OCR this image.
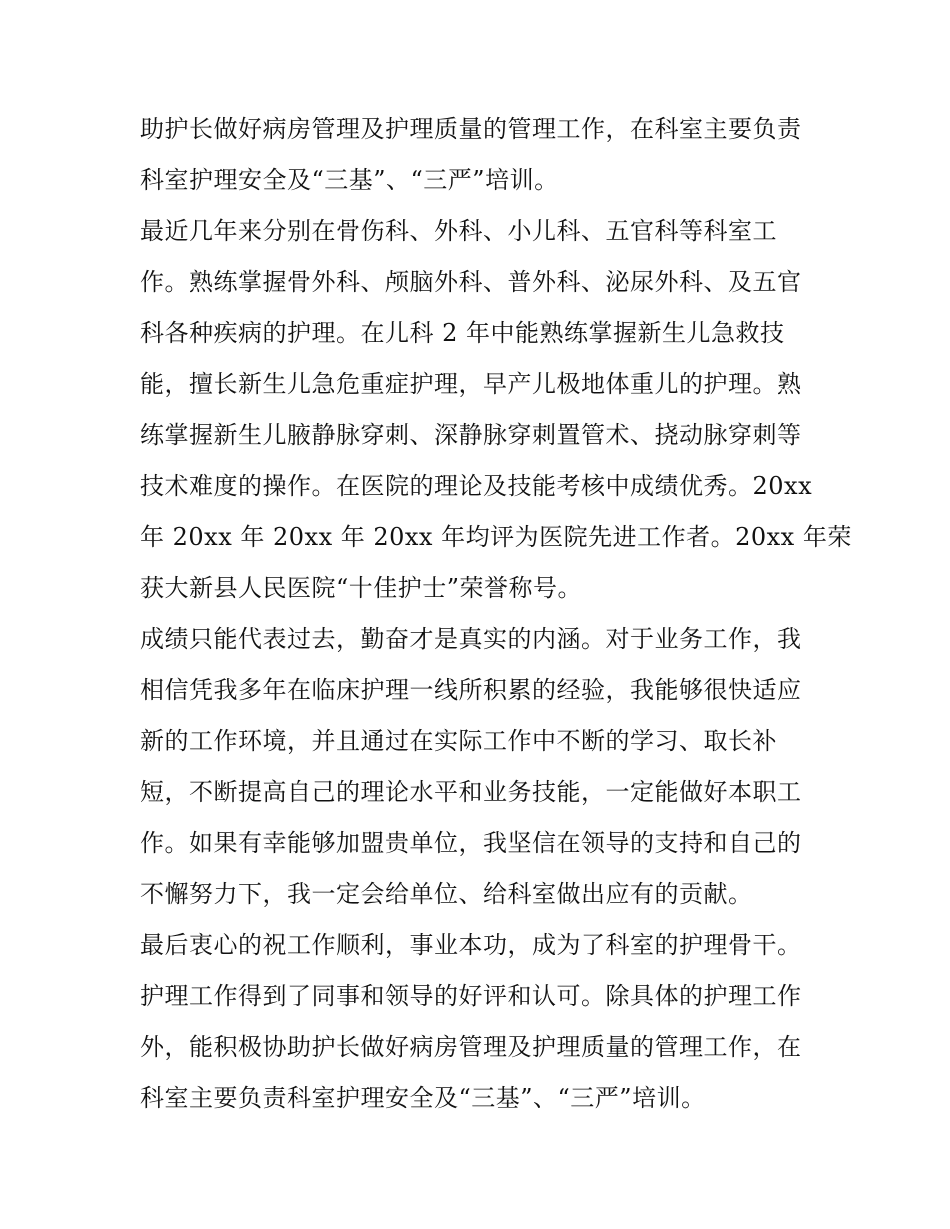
助护长做好病房管理及护理质量的管理工作，在科室主要负责
科室护理安全及“三基”、“三严”培训。
最近几年来分别在骨伤科、外科、小儿科、五官科等科室工
作。熟练掌握骨外科、颅脑外科、普外科、泌尿外科、及五官
科各种疾病的护理。在儿科 2 年中能熟练掌握新生儿急救技
能，擅长新生儿急危重症护理，早产儿极地体重儿的护理。熟
练掌握新生儿腋静脉穿刺、深静脉穿刺置管术、挠动脉穿刺等
技术难度的操作。在医院的理论及技能考核中成绩优秀。20xx
年 20xx 年 20xx 年 20xx 年均评为医院先进工作者。20xx 年荣
获大新县人民医院“十佳护士”荣誉称号。
成绩只能代表过去，勤奋才是真实的内涵。对于业务工作，我
相信凭我多年在临床护理一线所积累的经验，我能够很快适应
新的工作环境，并且通过在实际工作中不断的学习、取长补
短，不断提高自己的理论水平和业务技能，一定能做好本职工
作。如果有幸能够加盟贵单位，我坚信在领导的支持和自己的
不懈努力下，我一定会给单位、给科室做出应有的贡献。
最后衷心的祝工作顺利，事业本功，成为了科室的护理骨干。
护理工作得到了同事和领导的好评和认可。除具体的护理工作
外，能积极协助护长做好病房管理及护理质量的管理工作，在
科室主要负责科室护理安全及“三基”、“三严”培训。
